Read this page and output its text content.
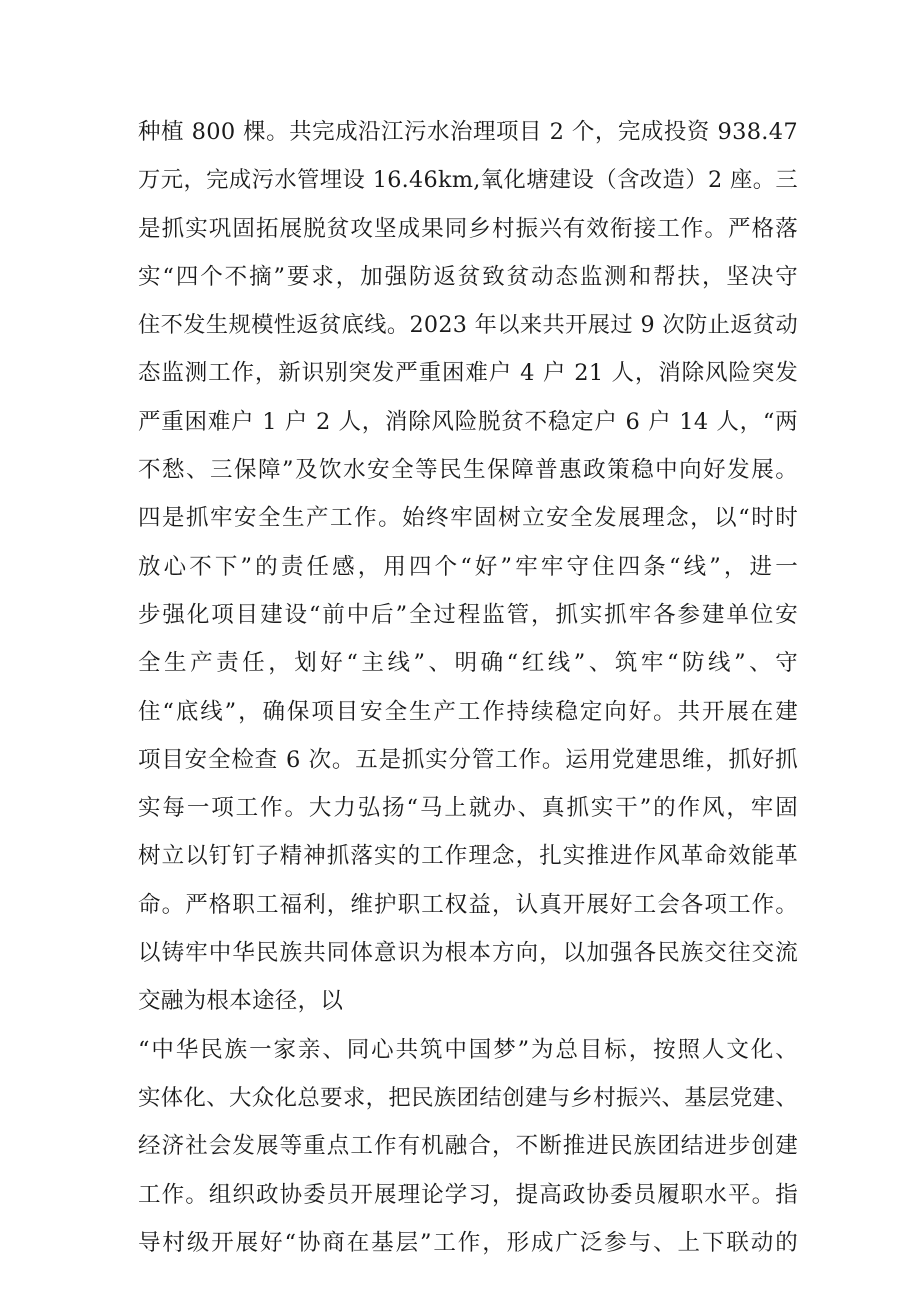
种植 800 棵。共完成沿江污水治理项目 2 个，完成投资 938.47
万元，完成污水管埋设 16.46km,氧化塘建设（含改造）2 座。三
是抓实巩固拓展脱贫攻坚成果同乡村振兴有效衔接工作。严格落
实“四个不摘”要求，加强防返贫致贫动态监测和帮扶，坚决守
住不发生规模性返贫底线。2023 年以来共开展过 9 次防止返贫动
态监测工作，新识别突发严重困难户 4 户 21 人，消除风险突发
严重困难户 1 户 2 人，消除风险脱贫不稳定户 6 户 14 人，“两
不愁、三保障”及饮水安全等民生保障普惠政策稳中向好发展。
四是抓牢安全生产工作。始终牢固树立安全发展理念，以“时时
放心不下”的责任感，用四个“好”牢牢守住四条“线”，进一
步强化项目建设“前中后”全过程监管，抓实抓牢各参建单位安
全生产责任，划好“主线”、明确“红线”、筑牢“防线”、守
住“底线”，确保项目安全生产工作持续稳定向好。共开展在建
项目安全检查 6 次。五是抓实分管工作。运用党建思维，抓好抓
实每一项工作。大力弘扬“马上就办、真抓实干”的作风，牢固
树立以钉钉子精神抓落实的工作理念，扎实推进作风革命效能革
命。严格职工福利，维护职工权益，认真开展好工会各项工作。
以铸牢中华民族共同体意识为根本方向，以加强各民族交往交流
交融为根本途径，以
“中华民族一家亲、同心共筑中国梦”为总目标，按照人文化、
实体化、大众化总要求，把民族团结创建与乡村振兴、基层党建、
经济社会发展等重点工作有机融合，不断推进民族团结进步创建
工作。组织政协委员开展理论学习，提高政协委员履职水平。指
导村级开展好“协商在基层”工作，形成广泛参与、上下联动的
